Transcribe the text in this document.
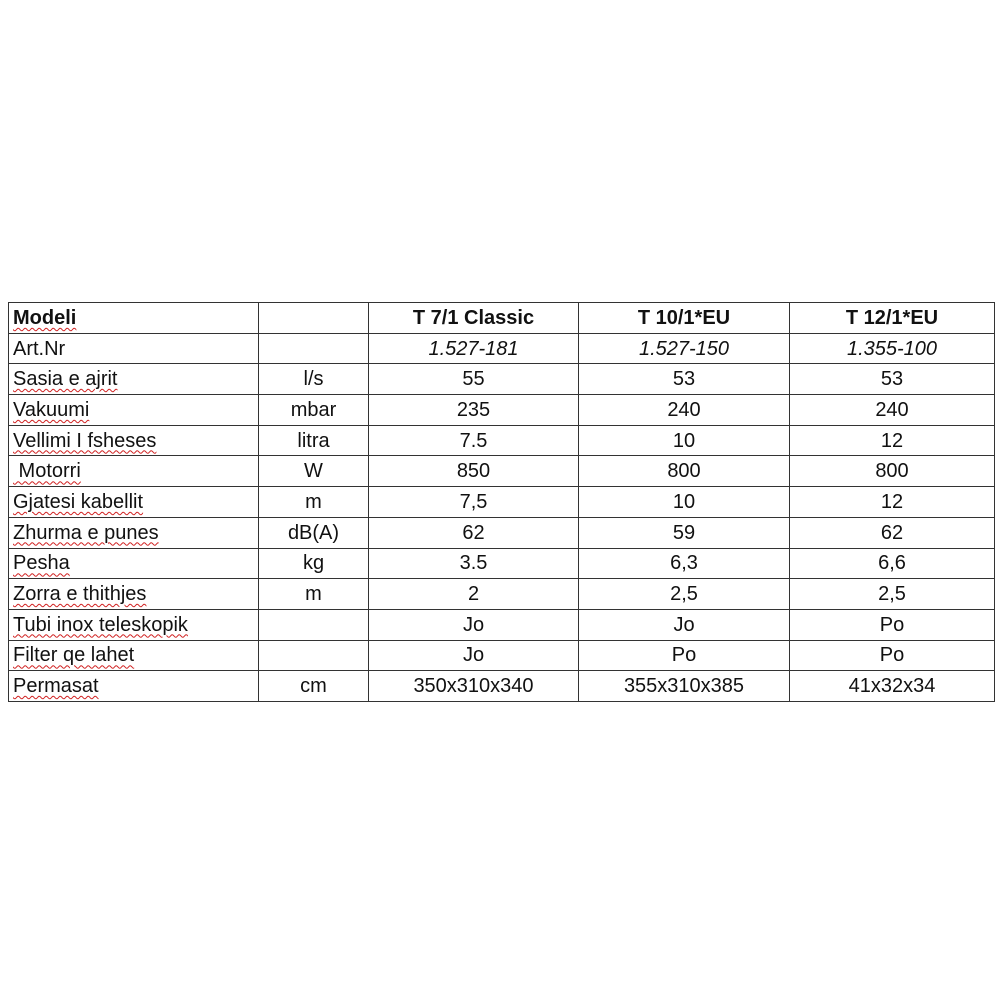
Modeli		T 7/1 Classic	T 10/1*EU	T 12/1*EU
Art.Nr		1.527-181	1.527-150	1.355-100
Sasia e ajrit	l/s	55	53	53
Vakuumi	mbar	235	240	240
Vellimi I fsheses	litra	7.5	10	12
Motorri	W	850	800	800
Gjatesi kabellit	m	7,5	10	12
Zhurma e punes	dB(A)	62	59	62
Pesha	kg	3.5	6,3	6,6
Zorra e thithjes	m	2	2,5	2,5
Tubi inox teleskopik		Jo	Jo	Po
Filter qe lahet		Jo	Po	Po
Permasat	cm	350x310x340	355x310x385	41x32x34
